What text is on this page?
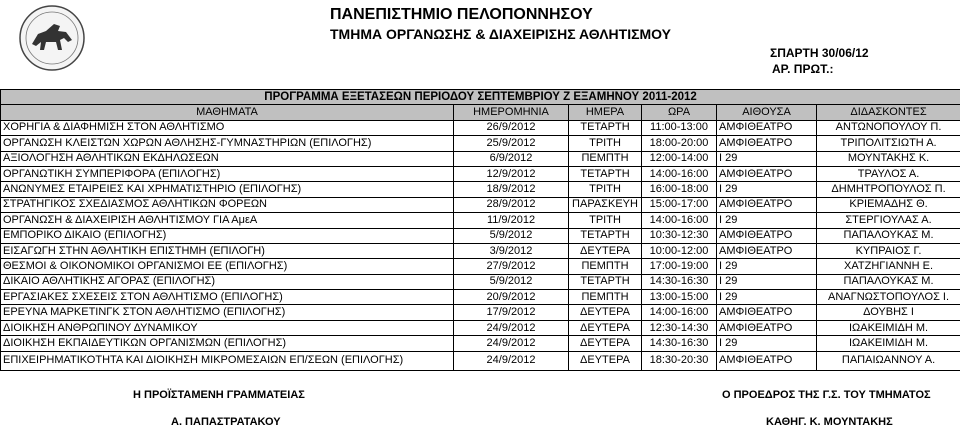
ΠΑΝΕΠΙΣΤΗΜΙΟ ΠΕΛΟΠΟΝΝΗΣΟΥ
ΤΜΗΜΑ ΟΡΓΑΝΩΣΗΣ & ΔΙΑΧΕΙΡΙΣΗΣ ΑΘΛΗΤΙΣΜΟΥ
ΣΠΑΡΤΗ 30/06/12
ΑΡ. ΠΡΩΤ.:
ΠΡΟΓΡΑΜΜΑ ΕΞΕΤΑΣΕΩΝ ΠΕΡΙΟΔΟΥ ΣΕΠΤΕΜΒΡΙΟΥ Ζ ΕΞΑΜΗΝΟΥ 2011-2012					
ΜΑΘΗΜΑΤΑ	ΗΜΕΡΟΜΗΝΙΑ	ΗΜΕΡΑ	ΩΡΑ	ΑΙΘΟΥΣΑ	ΔΙΔΑΣΚΟΝΤΕΣ
ΧΟΡΗΓΙΑ & ΔΙΑΦΗΜΙΣΗ ΣΤΟΝ ΑΘΛΗΤΙΣΜΟ	26/9/2012	ΤΕΤΑΡΤΗ	11:00-13:00	ΑΜΦΙΘΕΑΤΡΟ	ΑΝΤΩΝΟΠΟΥΛΟΥ Π.
ΟΡΓΑΝΩΣΗ ΚΛΕΙΣΤΩΝ ΧΩΡΩΝ ΑΘΛΗΣΗΣ-ΓΥΜΝΑΣΤΗΡΙΩΝ (ΕΠΙΛΟΓΗΣ)	25/9/2012	ΤΡΙΤΗ	18:00-20:00	ΑΜΦΙΘΕΑΤΡΟ	ΤΡΙΠΟΛΙΤΣΙΩΤΗ Α.
ΑΞΙΟΛΟΓΗΣΗ ΑΘΛΗΤΙΚΩΝ ΕΚΔΗΛΩΣΕΩΝ	6/9/2012	ΠΕΜΠΤΗ	12:00-14:00	Ι 29	ΜΟΥΝΤΑΚΗΣ Κ.
ΟΡΓΑΝΩΤΙΚΗ ΣΥΜΠΕΡΙΦΟΡΑ (ΕΠΙΛΟΓΗΣ)	12/9/2012	ΤΕΤΑΡΤΗ	14:00-16:00	ΑΜΦΙΘΕΑΤΡΟ	ΤΡΑΥΛΟΣ Α.
ΑΝΩΝΥΜΕΣ ΕΤΑΙΡΕΙΕΣ ΚΑΙ ΧΡΗΜΑΤΙΣΤΗΡΙΟ (ΕΠΙΛΟΓΗΣ)	18/9/2012	ΤΡΙΤΗ	16:00-18:00	Ι 29	ΔΗΜΗΤΡΟΠΟΥΛΟΣ Π.
ΣΤΡΑΤΗΓΙΚΟΣ ΣΧΕΔΙΑΣΜΟΣ ΑΘΛΗΤΙΚΩΝ ΦΟΡΕΩΝ	28/9/2012	ΠΑΡΑΣΚΕΥΗ	15:00-17:00	ΑΜΦΙΘΕΑΤΡΟ	ΚΡΙΕΜΑΔΗΣ Θ.
ΟΡΓΑΝΩΣΗ & ΔΙΑΧΕΙΡΙΣΗ ΑΘΛΗΤΙΣΜΟΥ ΓΙΑ ΑμεΑ	11/9/2012	ΤΡΙΤΗ	14:00-16:00	Ι 29	ΣΤΕΡΓΙΟΥΛΑΣ Α.
ΕΜΠΟΡΙΚΟ ΔΙΚΑΙΟ (ΕΠΙΛΟΓΗΣ)	5/9/2012	ΤΕΤΑΡΤΗ	10:30-12:30	ΑΜΦΙΘΕΑΤΡΟ	ΠΑΠΑΛΟΥΚΑΣ Μ.
ΕΙΣΑΓΩΓΗ ΣΤΗΝ ΑΘΛΗΤΙΚΗ ΕΠΙΣΤΗΜΗ (ΕΠΙΛΟΓΗ)	3/9/2012	ΔΕΥΤΕΡΑ	10:00-12:00	ΑΜΦΙΘΕΑΤΡΟ	ΚΥΠΡΑΙΟΣ Γ.
ΘΕΣΜΟΙ & ΟΙΚΟΝΟΜΙΚΟΙ ΟΡΓΑΝΙΣΜΟΙ ΕΕ (ΕΠΙΛΟΓΗΣ)	27/9/2012	ΠΕΜΠΤΗ	17:00-19:00	Ι 29	ΧΑΤΖΗΓΙΑΝΝΗ Ε.
ΔΙΚΑΙΟ ΑΘΛΗΤΙΚΗΣ ΑΓΟΡΑΣ (ΕΠΙΛΟΓΗΣ)	5/9/2012	ΤΕΤΑΡΤΗ	14:30-16:30	Ι 29	ΠΑΠΑΛΟΥΚΑΣ Μ.
ΕΡΓΑΣΙΑΚΕΣ ΣΧΕΣΕΙΣ ΣΤΟΝ ΑΘΛΗΤΙΣΜΟ (ΕΠΙΛΟΓΗΣ)	20/9/2012	ΠΕΜΠΤΗ	13:00-15:00	Ι 29	ΑΝΑΓΝΩΣΤΟΠΟΥΛΟΣ Ι.
ΕΡΕΥΝΑ ΜΑΡΚΕΤΙΝΓΚ ΣΤΟΝ ΑΘΛΗΤΙΣΜΟ (ΕΠΙΛΟΓΗΣ)	17/9/2012	ΔΕΥΤΕΡΑ	14:00-16:00	ΑΜΦΙΘΕΑΤΡΟ	ΔΟΥΒΗΣ Ι
ΔΙΟΙΚΗΣΗ ΑΝΘΡΩΠΙΝΟΥ ΔΥΝΑΜΙΚΟΥ	24/9/2012	ΔΕΥΤΕΡΑ	12:30-14:30	ΑΜΦΙΘΕΑΤΡΟ	ΙΩΑΚΕΙΜΙΔΗ Μ.
ΔΙΟΙΚΗΣΗ ΕΚΠΑΙΔΕΥΤΙΚΩΝ ΟΡΓΑΝΙΣΜΩΝ (ΕΠΙΛΟΓΗΣ)	24/9/2012	ΔΕΥΤΕΡΑ	14:30-16:30	Ι 29	ΙΩΑΚΕΙΜΙΔΗ Μ.
ΕΠΙΧΕΙΡΗΜΑΤΙΚΟΤΗΤΑ ΚΑΙ ΔΙΟΙΚΗΣΗ ΜΙΚΡΟΜΕΣΑΙΩΝ ΕΠ/ΣΕΩΝ (ΕΠΙΛΟΓΗΣ)	24/9/2012	ΔΕΥΤΕΡΑ	18:30-20:30	ΑΜΦΙΘΕΑΤΡΟ	ΠΑΠΑΙΩΑΝΝΟΥ Α.
Η ΠΡΟΪΣΤΑΜΕΝΗ ΓΡΑΜΜΑΤΕΙΑΣ
Α. ΠΑΠΑΣΤΡΑΤΑΚΟΥ
Ο ΠΡΟΕΔΡΟΣ ΤΗΣ Γ.Σ. ΤΟΥ ΤΜΗΜΑΤΟΣ
ΚΑΘΗΓ. Κ. ΜΟΥΝΤΑΚΗΣ
